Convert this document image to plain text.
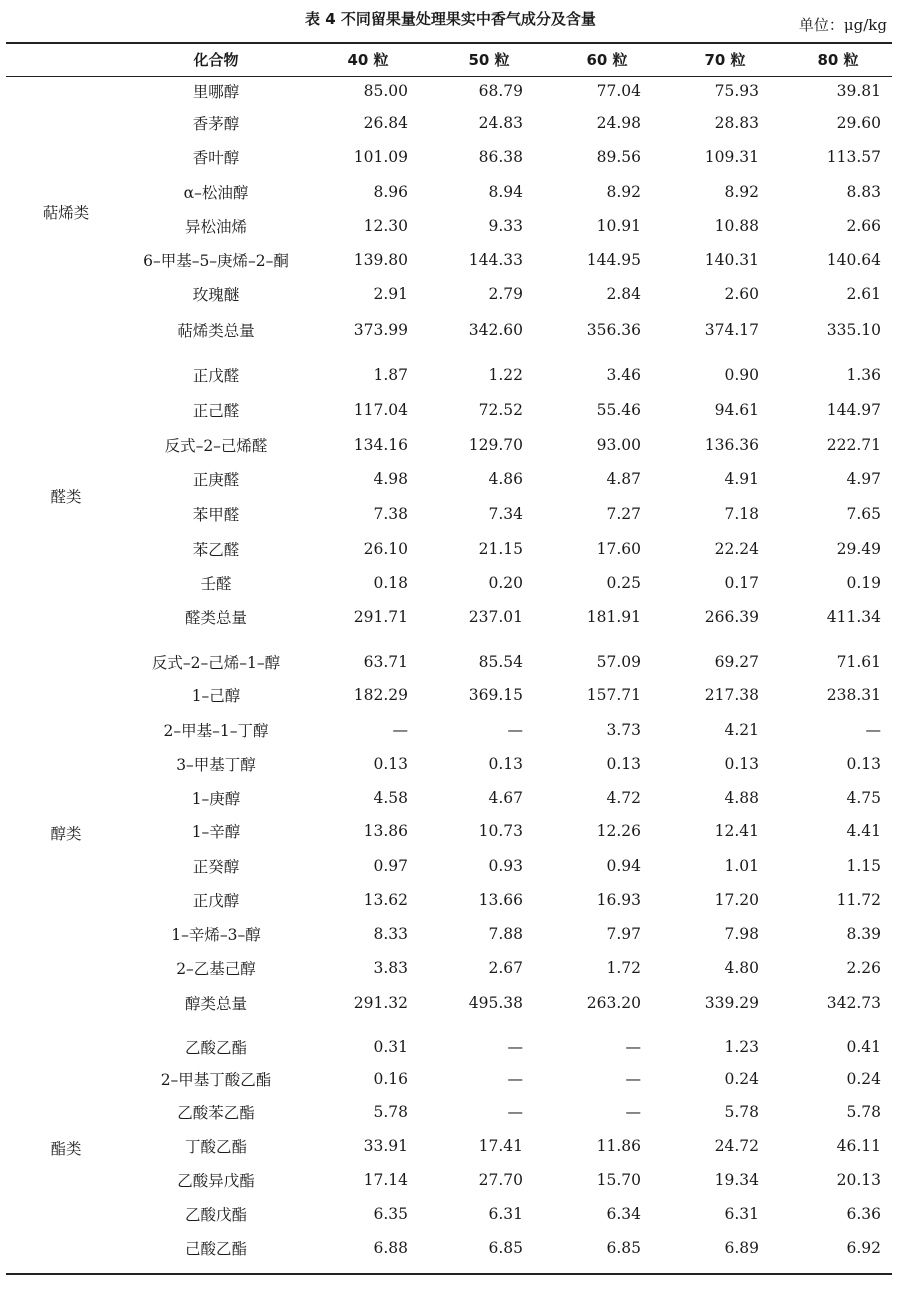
表 4 不同留果量处理果实中香气成分及含量	单位：μg/kg
	化合物	40 粒	50 粒	60 粒	70 粒	80 粒
萜烯类	里哪醇	85.00	68.79	77.04	75.93	39.81
	香茅醇	26.84	24.83	24.98	28.83	29.60
	香叶醇	101.09	86.38	89.56	109.31	113.57
	α–松油醇	8.96	8.94	8.92	8.92	8.83
	异松油烯	12.30	9.33	10.91	10.88	2.66
	6–甲基–5–庚烯–2–酮	139.80	144.33	144.95	140.31	140.64
	玫瑰醚	2.91	2.79	2.84	2.60	2.61
	萜烯类总量	373.99	342.60	356.36	374.17	335.10

醛类	正戊醛	1.87	1.22	3.46	0.90	1.36
	正己醛	117.04	72.52	55.46	94.61	144.97
	反式–2–己烯醛	134.16	129.70	93.00	136.36	222.71
	正庚醛	4.98	4.86	4.87	4.91	4.97
	苯甲醛	7.38	7.34	7.27	7.18	7.65
	苯乙醛	26.10	21.15	17.60	22.24	29.49
	壬醛	0.18	0.20	0.25	0.17	0.19
	醛类总量	291.71	237.01	181.91	266.39	411.34

醇类	反式–2–己烯–1–醇	63.71	85.54	57.09	69.27	71.61
	1–己醇	182.29	369.15	157.71	217.38	238.31
	2–甲基–1–丁醇	—	—	3.73	4.21	—
	3–甲基丁醇	0.13	0.13	0.13	0.13	0.13
	1–庚醇	4.58	4.67	4.72	4.88	4.75
	1–辛醇	13.86	10.73	12.26	12.41	4.41
	正癸醇	0.97	0.93	0.94	1.01	1.15
	正戊醇	13.62	13.66	16.93	17.20	11.72
	1–辛烯–3–醇	8.33	7.88	7.97	7.98	8.39
	2–乙基己醇	3.83	2.67	1.72	4.80	2.26
	醇类总量	291.32	495.38	263.20	339.29	342.73

酯类	乙酸乙酯	0.31	—	—	1.23	0.41
	2–甲基丁酸乙酯	0.16	—	—	0.24	0.24
	乙酸苯乙酯	5.78	—	—	5.78	5.78
	丁酸乙酯	33.91	17.41	11.86	24.72	46.11
	乙酸异戊酯	17.14	27.70	15.70	19.34	20.13
	乙酸戊酯	6.35	6.31	6.34	6.31	6.36
	己酸乙酯	6.88	6.85	6.85	6.89	6.92
